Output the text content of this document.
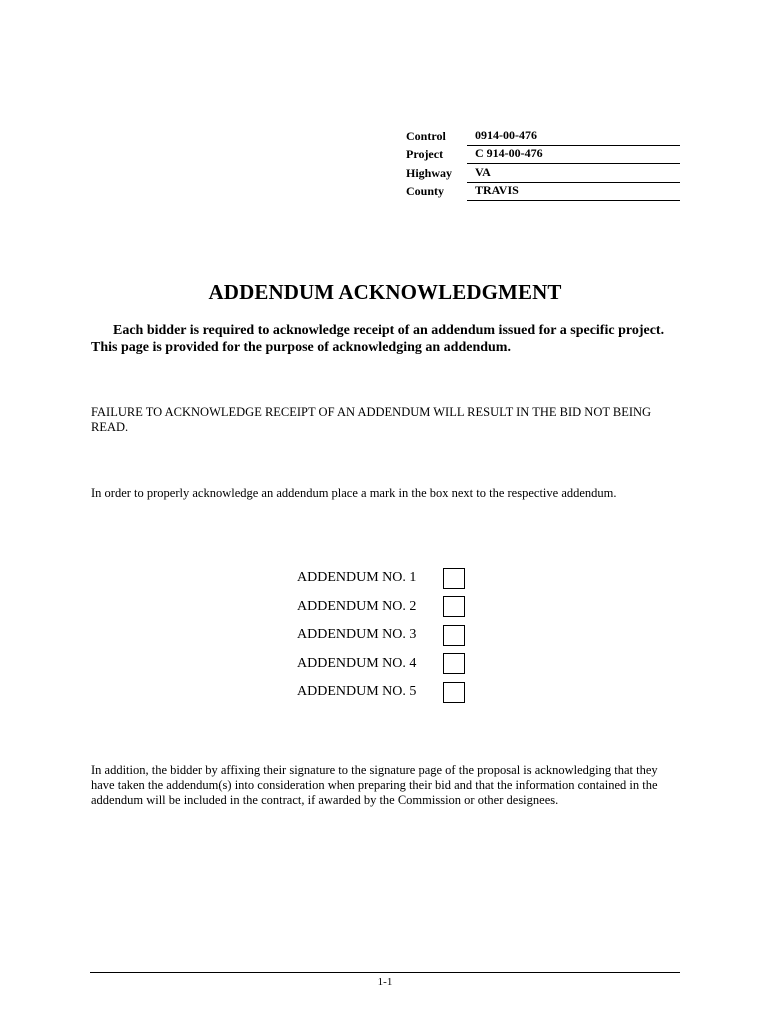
Control	0914-00-476
Project	C 914-00-476
Highway	VA
County	TRAVIS
ADDENDUM ACKNOWLEDGMENT
Each bidder is required to acknowledge receipt of an addendum issued for a specific project. This page is provided for the purpose of acknowledging an addendum.
FAILURE TO ACKNOWLEDGE RECEIPT OF AN ADDENDUM WILL RESULT IN THE BID NOT BEING READ.
In order to properly acknowledge an addendum place a mark in the box next to the respective addendum.
ADDENDUM NO. 1
ADDENDUM NO. 2
ADDENDUM NO. 3
ADDENDUM NO. 4
ADDENDUM NO. 5
In addition, the bidder by affixing their signature to the signature page of the proposal is acknowledging that they have taken the addendum(s) into consideration when preparing their bid and that the information contained in the addendum will be included in the contract, if awarded by the Commission or other designees.
1-1
